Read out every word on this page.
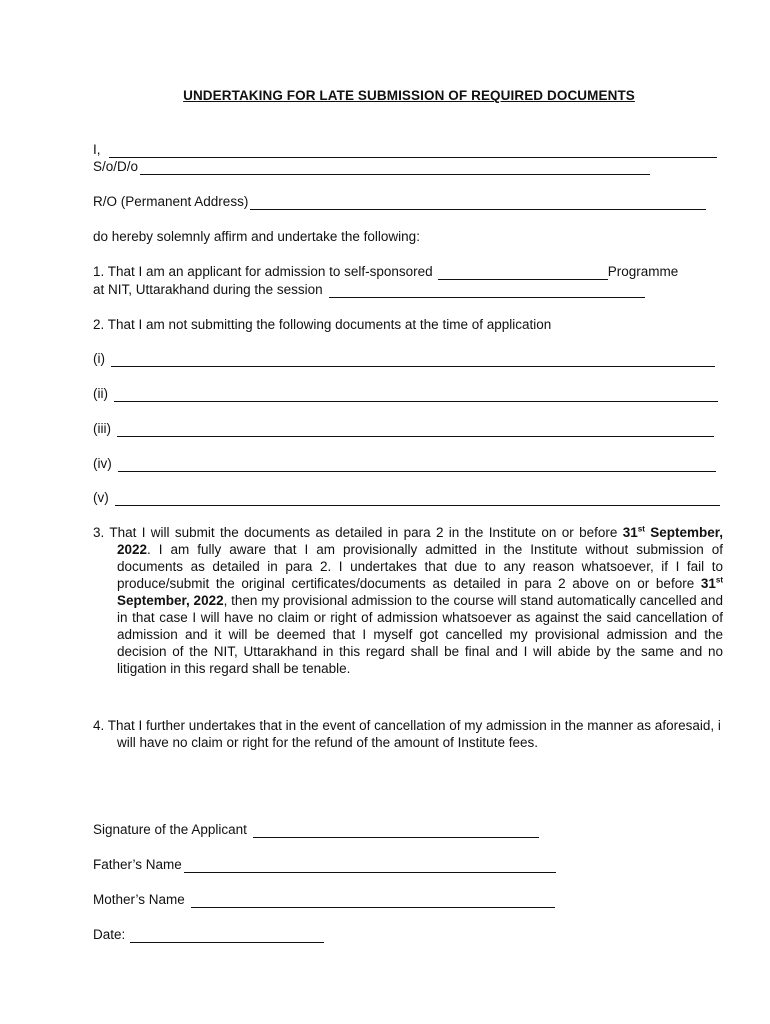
UNDERTAKING FOR LATE SUBMISSION OF REQUIRED DOCUMENTS
I,
S/o/D/o
R/O (Permanent Address)
do hereby solemnly affirm and undertake the following:
1. That I am an applicant for admission to self-sponsored	Programme
at NIT, Uttarakhand during the session
2. That I am not submitting the following documents at the time of application
(i)
(ii)
(iii)
(iv)
(v)
3. That I will submit the documents as detailed in para 2 in the Institute on or before 31st September, 2022. I am fully aware that I am provisionally admitted in the Institute without submission of documents as detailed in para 2. I undertakes that due to any reason whatsoever, if I fail to produce/submit the original certificates/documents as detailed in para 2 above on or before 31st September, 2022, then my provisional admission to the course will stand automatically cancelled and in that case I will have no claim or right of admission whatsoever as against the said cancellation of admission and it will be deemed that I myself got cancelled my provisional admission and the decision of the NIT, Uttarakhand in this regard shall be final and I will abide by the same and no litigation in this regard shall be tenable.
4. That I further undertakes that in the event of cancellation of my admission in the manner as aforesaid, i will have no claim or right for the refund of the amount of Institute fees.
Signature of the Applicant
Father’s Name
Mother’s Name
Date:
